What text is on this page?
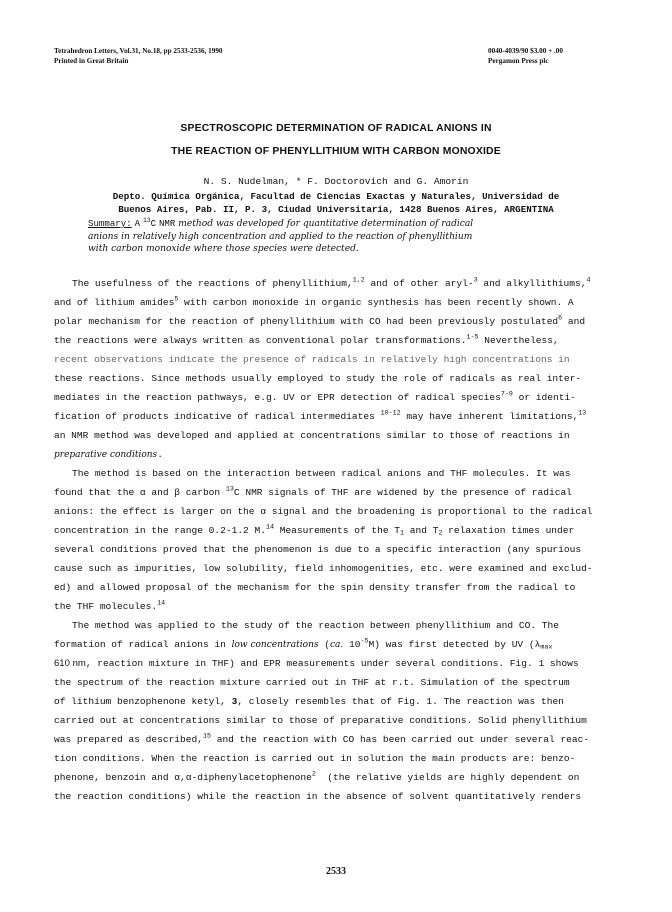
Tetrahedron Letters, Vol.31, No.18, pp 2533-2536, 1990
Printed in Great Britain
0040-4039/90 $3.00 + .00
Pergamon Press plc
SPECTROSCOPIC DETERMINATION OF RADICAL ANIONS IN
THE REACTION OF PHENYLLITHIUM WITH CARBON MONOXIDE
N. S. Nudelman, * F. Doctorovich and G. Amorín
Depto. Química Orgánica, Facultad de Ciencias Exactas y Naturales, Universidad de
Buenos Aires, Pab. II, P. 3, Ciudad Universitaria, 1428 Buenos Aires, ARGENTINA
Summary: A $^{13}$C NMR method was developed for quantitative determination of radical
anions in relatively high concentration and applied to the reaction of phenyllithium
with carbon monoxide where those species were detected.
The usefulness of the reactions of phenyllithium,$^{1,2}$ and of other aryl-$^3$ and alkyllithiums,$^4$
and of lithium amides$^5$ with carbon monoxide in organic synthesis has been recently shown. A
polar mechanism for the reaction of phenyllithium with CO had been previously postulated$^6$ and
the reactions were always written as conventional polar transformations.$^{1-5}$ Nevertheless,
recent observations indicate the presence of radicals in relatively high concentrations in
these reactions. Since methods usually employed to study the role of radicals as real inter-
mediates in the reaction pathways, e.g. UV or EPR detection of radical species$^{7-9}$ or identi-
fication of products indicative of radical intermediates $^{10-12}$ may have inherent limitations,$^{13}$
an NMR method was developed and applied at concentrations similar to those of reactions in
preparative conditions.
The method is based on the interaction between radical anions and THF molecules. It was
found that the α and β carbon $^{13}$C NMR signals of THF are widened by the presence of radical
anions: the effect is larger on the α signal and the broadening is proportional to the radical
concentration in the range 0.2-1.2 M.$^{14}$ Measurements of the $T_1$ and $T_2$ relaxation times under
several conditions proved that the phenomenon is due to a specific interaction (any spurious
cause such as impurities, low solubility, field inhomogenities, etc. were examined and exclud-
ed) and allowed proposal of the mechanism for the spin density transfer from the radical to
the THF molecules.$^{14}$
The method was applied to the study of the reaction between phenyllithium and CO. The
formation of radical anions in low concentrations (ca. $10^{-5}M$) was first detected by UV ($\lambda_{max}$
610 nm, reaction mixture in THF) and EPR measurements under several conditions. Fig. 1 shows
the spectrum of the reaction mixture carried out in THF at r.t. Simulation of the spectrum
of lithium benzophenone ketyl, 3, closely resembles that of Fig. 1. The reaction was then
carried out at concentrations similar to those of preparative conditions. Solid phenyllithium
was prepared as described,$^{15}$ and the reaction with CO has been carried out under several reac-
tion conditions. When the reaction is carried out in solution the main products are: benzo-
phenone, benzoin and α,α-diphenylacetophenone$^2$  (the relative yields are highly dependent on
the reaction conditions) while the reaction in the absence of solvent quantitatively renders
2533
